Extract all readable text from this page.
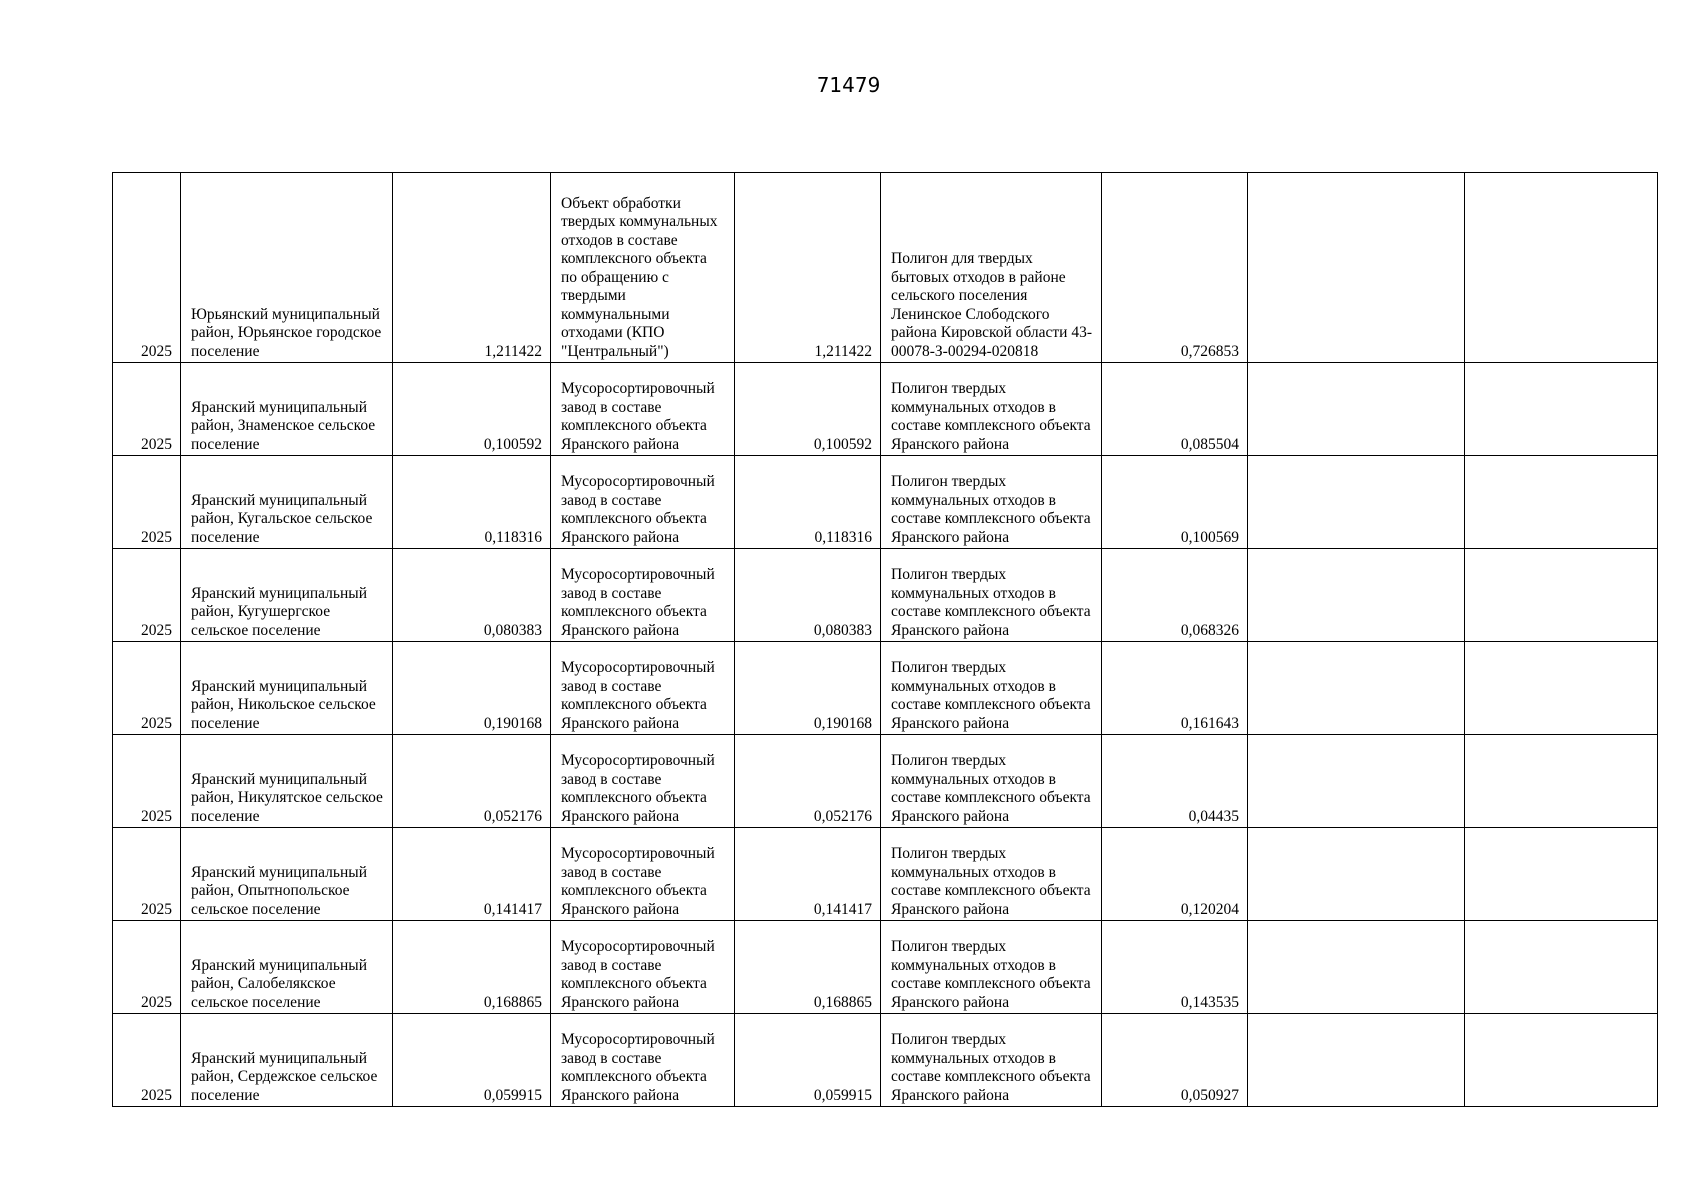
71479
2025	Юрьянский муниципальный район, Юрьянское городское поселение	1,211422	Объект обработки твердых коммунальных отходов в составе комплексного объекта по обращению с твердыми коммунальными отходами (КПО "Центральный")	1,211422	Полигон для твердых бытовых отходов в районе сельского поселения Ленинское Слободского района Кировской области 43-00078-З-00294-020818	0,726853		
2025	Яранский муниципальный район, Знаменское сельское поселение	0,100592	Мусоросортировочный завод в составе комплексного объекта Яранского района	0,100592	Полигон твердых коммунальных отходов в составе комплексного объекта Яранского района	0,085504		
2025	Яранский муниципальный район, Кугальское сельское поселение	0,118316	Мусоросортировочный завод в составе комплексного объекта Яранского района	0,118316	Полигон твердых коммунальных отходов в составе комплексного объекта Яранского района	0,100569		
2025	Яранский муниципальный район, Кугушергское сельское поселение	0,080383	Мусоросортировочный завод в составе комплексного объекта Яранского района	0,080383	Полигон твердых коммунальных отходов в составе комплексного объекта Яранского района	0,068326		
2025	Яранский муниципальный район, Никольское сельское поселение	0,190168	Мусоросортировочный завод в составе комплексного объекта Яранского района	0,190168	Полигон твердых коммунальных отходов в составе комплексного объекта Яранского района	0,161643		
2025	Яранский муниципальный район, Никулятское сельское поселение	0,052176	Мусоросортировочный завод в составе комплексного объекта Яранского района	0,052176	Полигон твердых коммунальных отходов в составе комплексного объекта Яранского района	0,04435		
2025	Яранский муниципальный район, Опытнопольское сельское поселение	0,141417	Мусоросортировочный завод в составе комплексного объекта Яранского района	0,141417	Полигон твердых коммунальных отходов в составе комплексного объекта Яранского района	0,120204		
2025	Яранский муниципальный район, Салобелякское сельское поселение	0,168865	Мусоросортировочный завод в составе комплексного объекта Яранского района	0,168865	Полигон твердых коммунальных отходов в составе комплексного объекта Яранского района	0,143535		
2025	Яранский муниципальный район, Сердежское сельское поселение	0,059915	Мусоросортировочный завод в составе комплексного объекта Яранского района	0,059915	Полигон твердых коммунальных отходов в составе комплексного объекта Яранского района	0,050927		
